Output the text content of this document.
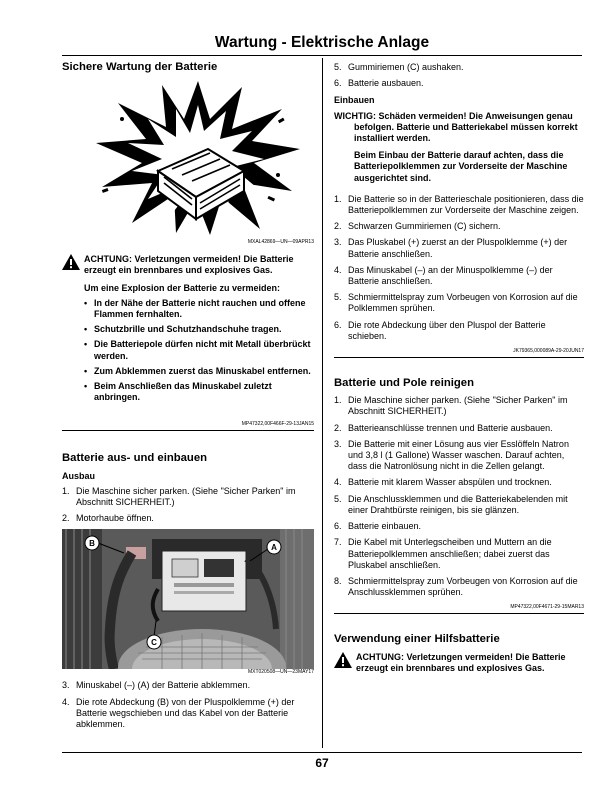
Wartung - Elektrische Anlage
Sichere Wartung der Batterie
MXAL42869—UN—09APR13
ACHTUNG: Verletzungen vermeiden! Die Batterie erzeugt ein brennbares und explosives Gas.
Um eine Explosion der Batterie zu vermeiden:
• In der Nähe der Batterie nicht rauchen und offene Flammen fernhalten.
• Schutzbrille und Schutzhandschuhe tragen.
• Die Batteriepole dürfen nicht mit Metall überbrückt werden.
• Zum Abklemmen zuerst das Minuskabel entfernen.
• Beim Anschließen das Minuskabel zuletzt anbringen.
MP47322,00F466F-29-13JAN15
Batterie aus- und einbauen
Ausbau
1. Die Maschine sicher parken. (Siehe "Sicher Parken" im Abschnitt SICHERHEIT.)
2. Motorhaube öffnen.
B	A
C
MXT020508—UN—23MAY17
3. Minuskabel (–) (A) der Batterie abklemmen.
4. Die rote Abdeckung (B) von der Pluspolklemme (+) der Batterie wegschieben und das Kabel von der Batterie abklemmen.
5. Gummiriemen (C) aushaken.
6. Batterie ausbauen.
Einbauen

WICHTIG: Schäden vermeiden! Die Anweisungen genau befolgen. Batterie und Batteriekabel müssen korrekt installiert werden.

Beim Einbau der Batterie darauf achten, dass die Batteriepolklemmen zur Vorderseite der Maschine ausgerichtet sind.

1. Die Batterie so in der Batterieschale positionieren, dass die Batteriepolklemmen zur Vorderseite der Maschine zeigen.
2. Schwarzen Gummiriemen (C) sichern.
3. Das Pluskabel (+) zuerst an der Pluspolklemme (+) der Batterie anschließen.
4. Das Minuskabel (–) an der Minuspolklemme (–) der Batterie anschließen.
5. Schmiermittelspray zum Vorbeugen von Korrosion auf die Polklemmen sprühen.
6. Die rote Abdeckung über den Pluspol der Batterie schieben.
JK79365,000089A-29-20JUN17
Batterie und Pole reinigen
1. Die Maschine sicher parken. (Siehe "Sicher Parken" im Abschnitt SICHERHEIT.)
2. Batterieanschlüsse trennen und Batterie ausbauen.
3. Die Batterie mit einer Lösung aus vier Esslöffeln Natron und 3,8 l (1 Gallone) Wasser waschen. Darauf achten, dass die Natronlösung nicht in die Zellen gelangt.
4. Batterie mit klarem Wasser abspülen und trocknen.
5. Die Anschlussklemmen und die Batteriekabelenden mit einer Drahtbürste reinigen, bis sie glänzen.
6. Batterie einbauen.
7. Die Kabel mit Unterlegscheiben und Muttern an die Batteriepolklemmen anschließen; dabei zuerst das Pluskabel anschließen.
8. Schmiermittelspray zum Vorbeugen von Korrosion auf die Anschlussklemmen sprühen.
MP47322,00F4671-29-15MAR13
Verwendung einer Hilfsbatterie
ACHTUNG: Verletzungen vermeiden! Die Batterie erzeugt ein brennbares und explosives Gas.
67
